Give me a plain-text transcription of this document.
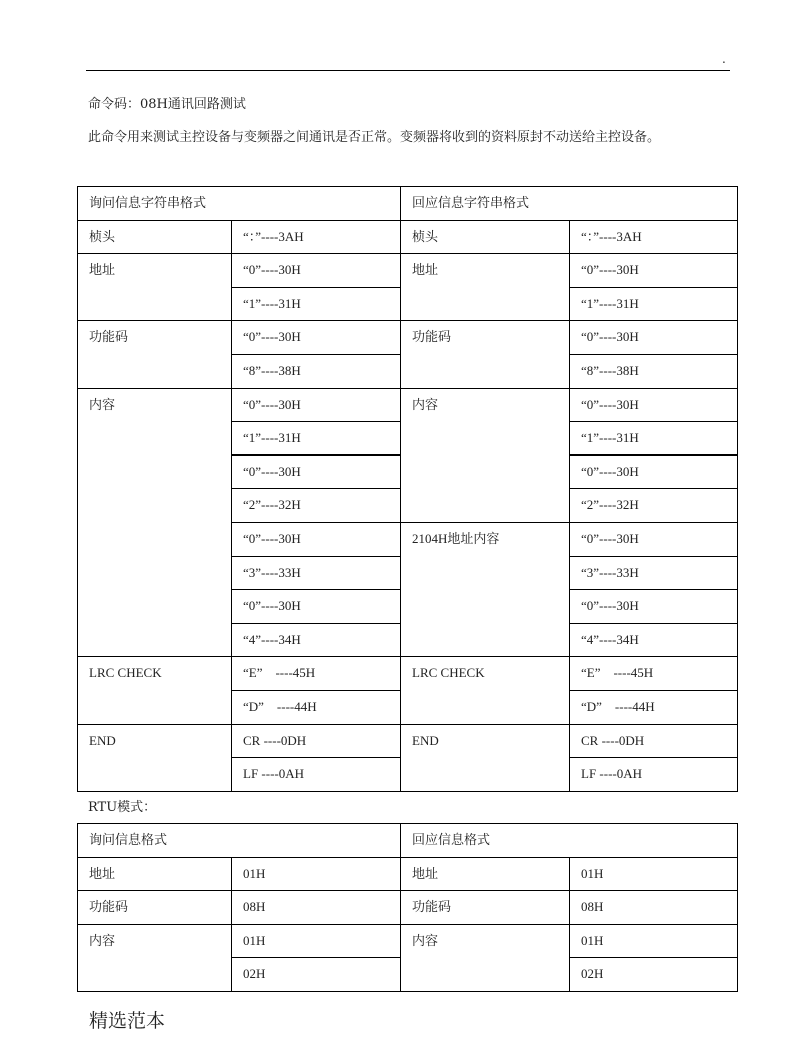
.
命令码：08H通讯回路测试
此命令用来测试主控设备与变频器之间通讯是否正常。变频器将收到的资料原封不动送给主控设备。
询问信息字符串格式		回应信息字符串格式	
桢头	“：”----3AH	桢头	“：”----3AH
地址	“0”----30H	地址	“0”----30H
	“1”----31H		“1”----31H
功能码	“0”----30H	功能码	“0”----30H
	“8”----38H		“8”----38H
内容	“0”----30H	内容	“0”----30H
	“1”----31H		“1”----31H
	“0”----30H		“0”----30H
	“2”----32H		“2”----32H
	“0”----30H	2104H地址内容	“0”----30H
	“3”----33H		“3”----33H
	“0”----30H		“0”----30H
	“4”----34H		“4”----34H
LRC CHECK	“E”　----45H	LRC CHECK	“E”　----45H
	“D”　----44H		“D”　----44H
END	CR ----0DH	END	CR ----0DH
	LF ----0AH		LF ----0AH
RTU模式：
询问信息格式		回应信息格式	
地址	01H	地址	01H
功能码	08H	功能码	08H
内容	01H	内容	01H
	02H		02H
精选范本
